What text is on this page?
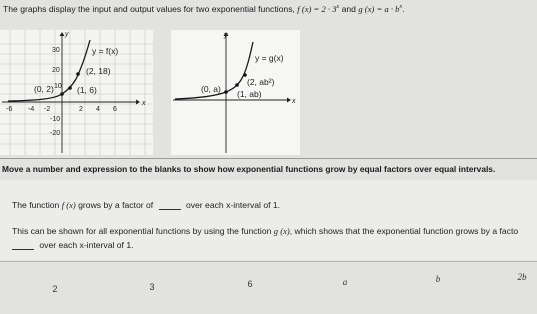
The graphs display the input and output values for two exponential functions, f $(x) = 2 \cdot 3^x$ and g $(x) = a \cdot b^x$.
30
20
10
-10
-20
-6 -4 -2	2 4 6
y
x
y = f(x)
(0, 2)	(1, 6)
(2, 18)
y
x
y = g(x)
(0, a) (1, ab)
(2, ab²)
Move a number and expression to the blanks to show how exponential functions grow by equal factors over equal intervals.
The function f (x) grows by a factor of	over each x-interval of 1.
This can be shown for all exponential functions by using the function g (x), which shows that the exponential function grows by a facto
over each x-interval of 1.
2	3	6	a	b	2b
